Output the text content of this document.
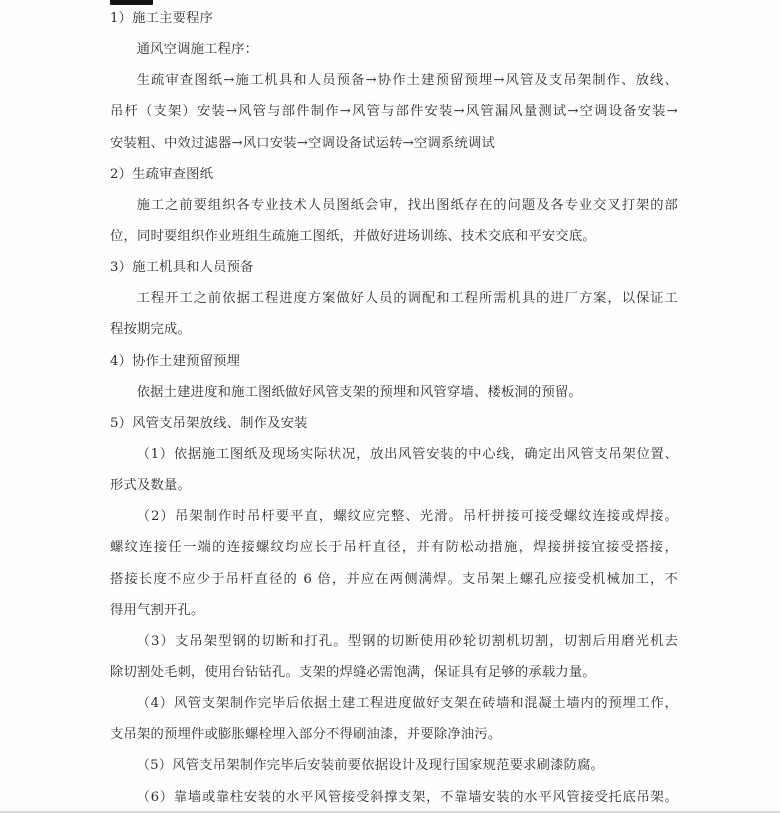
1）施工主要程序
通风空调施工程序：
生疏审查图纸→施工机具和人员预备→协作土建预留预埋→风管及支吊架制作、放线、
吊杆（支架）安装→风管与部件制作→风管与部件安装→风管漏风量测试→空调设备安装→
安装粗、中效过滤器→风口安装→空调设备试运转→空调系统调试
2）生疏审查图纸
施工之前要组织各专业技术人员图纸会审，找出图纸存在的问题及各专业交叉打架的部
位，同时要组织作业班组生疏施工图纸，并做好进场训练、技术交底和平安交底。
3）施工机具和人员预备
工程开工之前依据工程进度方案做好人员的调配和工程所需机具的进厂方案，以保证工
程按期完成。
4）协作土建预留预埋
依据土建进度和施工图纸做好风管支架的预埋和风管穿墙、楼板洞的预留。
5）风管支吊架放线、制作及安装
（1）依据施工图纸及现场实际状况，放出风管安装的中心线，确定出风管支吊架位置、
形式及数量。
（2）吊架制作时吊杆要平直，螺纹应完整、光滑。吊杆拼接可接受螺纹连接或焊接。
螺纹连接任一端的连接螺纹均应长于吊杆直径，并有防松动措施，焊接拼接宜接受搭接，
搭接长度不应少于吊杆直径的 6 倍，并应在两侧满焊。支吊架上螺孔应接受机械加工，不
得用气割开孔。
（3）支吊架型钢的切断和打孔。型钢的切断使用砂轮切割机切割，切割后用磨光机去
除切割处毛刺，使用台钻钻孔。支架的焊缝必需饱满，保证具有足够的承载力量。
（4）风管支架制作完毕后依据土建工程进度做好支架在砖墙和混凝土墙内的预埋工作，
支吊架的预埋件或膨胀螺栓埋入部分不得刷油漆，并要除净油污。
（5）风管支吊架制作完毕后安装前要依据设计及现行国家规范要求刷漆防腐。
（6）靠墙或靠柱安装的水平风管接受斜撑支架，不靠墙安装的水平风管接受托底吊架。
